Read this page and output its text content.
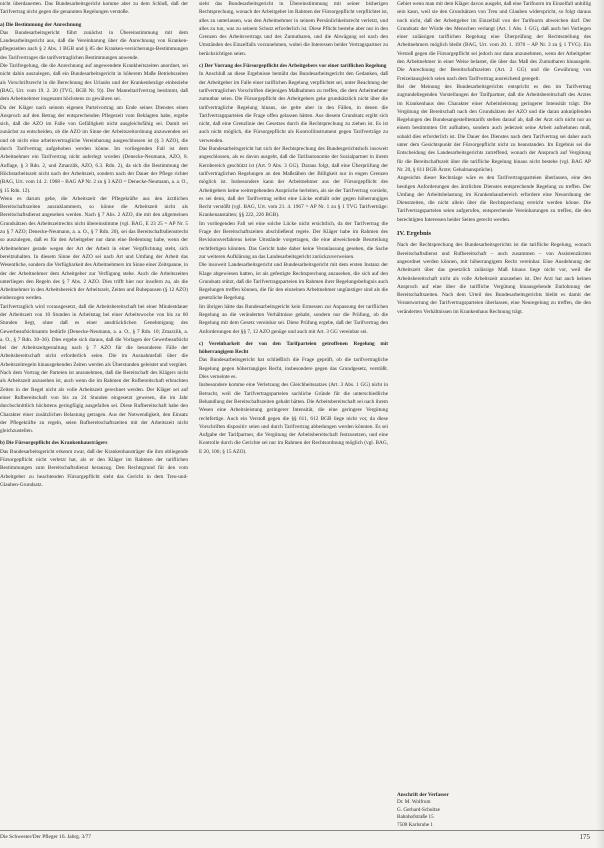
nicht überdauerten. Das Bundesarbeitsgericht komme aber zu dem Schluß, daß der Tarifvertrag nicht gegen die genannten Regelungen verstoße.

a) Die Bestimmung der Anrechnung

Das Bundesarbeitsgericht führt zunächst in Übereinstimmung mit dem Landesarbeitsgericht aus, daß die Vereinbarung über die Anrechnung von Kranken-pflegezeiten nach § 2 Abs. 1 BGB und § 85 der Kranken-versicherungs-Bestimmungen des Tarifvertrages die tarifvertraglichen Bestimmungen anwende.

Die Tarifregelung, die die Anrechnung auf angewendete Krankheitszeiten anordnet, sei nicht dahin auszulegen, daß ein Bundesarbeitsgericht in höherem Maße Betriebszeiten als Vorschriftsrecht in die Berechnung des Urlaubs und der Krankenbezüge einbeziehe (BAG, Urt. vom 19. 2. 20 (TVG, BGB Nr. 9)). Der Manteltarifvertrag bestimmt, daß dem Arbeitnehmer insgesamt höchstens zu gewähren sei.

Da der Kläger nach seinem eigenen Parteivortrag am Ende seines Dienstes einen Anspruch auf den Betrag der entsprechenden Pflegezeit vom Beklagten habe, ergebe sich, daß die AZO im Falle von Gefälligkeit nicht ausgleichsfähig sei. Damit sei zunächst zu entscheiden, ob die AZO im Sinne der Arbeitszeitordnung anzuwenden sei und ob nicht eine arbeitsvertragliche Vereinbarung ausgeschlossen ist (§ 3 AZO), die durch Tarifvertrag aufgehoben werden könne. Im vorliegenden Fall ist dem Arbeitnehmer ein Tarifvertrag nicht auferlegt worden (Denecke-Neumann, AZO, 8. Auflage, § 3 Rdn. 2, und Zmarzlik, AZO, 6.3. Rdn. 2), da sich die Bestimmung der Höchstarbeitszeit nicht nach der Arbeitszeit, sondern nach der Dauer der Pflege richtet (BAG, Urt. vom 14. 2. 1968 – BAG AP Nr. 2 zu § 3 AZO = Denecke-Neumann, a. a. O., § 15 Rdn. 12).

Wenn es darum gehe, die Arbeitszeit der Pflegekräfte aus den ärztlichen Bereitschaftszeiten auszuklammern, so könne die Arbeitszeit nicht als Bereitschaftsdienst angesehen werden. Nach § 7 Abs. 2 AZO, die mit den allgemeinen Grundsätzen des Arbeitszeitrechts nicht übereinstimme (vgl. BAG, E 23 25 = AP Nr. 5 zu § 7 AZO; Denecke-Neumann, a. a. O., § 7 Rdn. 20), sei das Bereitschaftsdienstrecht so auszulegen, daß es für den Arbeitgeber nur dann eine Bedeutung habe, wenn der Arbeitnehmer gerade wegen der Art der Arbeit in einer Verpflichtung steht, sich bereitzuhalten. In diesem Sinne der AZO sei nach Art und Umfang der Arbeit das Wesentliche, sondern die Verfügbarkeit des Arbeitnehmers im Sinne einer Zeitspanne, in der der Arbeitnehmer dem Arbeitgeber zur Verfügung stehe. Auch die Arbeitszeiten unterliegen den Regeln des § 7 Abs. 2 AZO. Dies trifft hier nur insofern zu, als die Arbeitnehmer in den Arbeitsbereich der Arbeitszeit, Zeiten und Ruhepausen (§ 12 AZO) einbezogen werden.

Tarifvertraglich wird vorausgesetzt, daß die Arbeitsbereitschaft bei einer Mindestdauer der Arbeitszeit von 10 Stunden in Arbeitstag bei einer Arbeitswoche von bis zu 60 Stunden liegt, ohne daß es einer ausdrücklichen Genehmigung des Gewerbeaufsichtsamts bedürfe (Denecke-Neumann, a. a. O., § 7 Rdn. 10; Zmarzlik, a. a. O., § 7 Rdn. 30–36). Dies ergebe sich daraus, daß die Vorlagen der Gewerbeaufsicht bei der Arbeitszeitgestaltung nach § 7 AZO für die besonderen Fälle der Arbeitsbereitschaft nicht erforderlich seien. Die im Ausnahmefall über die Arbeitszeitregeln hinausgehenden Zeiten werden als Überstunden geleistet und vergütet.

Nach dem Vortrag der Parteien ist anzunehmen, daß die Bereitschaft des Klägers nicht als Arbeitszeit anzusehen ist, auch wenn die im Rahmen der Rufbereitschaft erbrachten Zeiten in der Regel nicht als volle Arbeitszeit gerechnet werden. Der Kläger sei auf einer Rufbereitschaft von bis zu 24 Stunden eingesetzt gewesen, die im Jahr durchschnittlich höchstens geringfügig ausgefallen sei. Diese Rufbereitschaft habe den Charakter einer zusätzlichen Belastung getragen. Aus der Notwendigkeit, den Einsatz der Pflegekräfte zu regeln, seien Rufbereitschaftszeiten mit der Arbeitszeit nicht gleichzustellen.

b) Die Fürsorgepflicht des Krankenhausträgers

Das Bundesarbeitsgericht erkennt zwar, daß der Krankenhausträger die ihm obliegende Fürsorgepflicht nicht verletzt hat, als er den Kläger im Rahmen der tariflichen Bestimmungen zum Bereitschaftsdienst heranzog. Den Rechtsgrund für den vom Arbeitgeber zu beachtenden Fürsorgepflicht sieht das Gericht in dem Treu-und-Glauben-Grundsatz.

sieht das Bundesarbeitsgericht in Übereinstimmung mit seiner bisherigen Rechtsprechung, wonach der Arbeitgeber im Rahmen der Fürsorgepflicht verpflichtet ist, alles zu unterlassen, was den Arbeitnehmer in seinem Persönlichkeitsrecht verletzt, und alles zu tun, was zu seinem Schutz erforderlich ist. Diese Pflicht bestehe aber nur in den Grenzen des Arbeitsvertrags und des Zumutbaren, und die Abwägung sei nach den Umständen des Einzelfalls vorzunehmen, wobei die Interessen beider Vertragspartner zu berücksichtigen seien.

c) Der Vorrang des Fürsorgepflicht des Arbeitgebers vor einer tariflichen Regelung

In Anschluß an diese Ergebnisse bemüht das Bundesarbeitsgericht den Gedanken, daß der Arbeitgeber im Falle einer tariflichen Regelung verpflichtet sei, unter Beachtung der tarifvertraglichen Vorschriften diejenigen Maßnahmen zu treffen, die dem Arbeitnehmer zumutbar seien. Die Fürsorgepflicht des Arbeitgebers gehe grundsätzlich nicht über die tarifvertragliche Regelung hinaus, sie gelte aber in den Fällen, in denen die Tarifvertragsparteien die Frage offen gelassen hätten. Aus diesem Grundsatz ergibt sich nicht, daß eine Grenzlinie des Gesetzes durch die Rechtsprechung zu ziehen ist. Es ist auch nicht möglich, die Fürsorgepflicht als Kontrollinstrument gegen Tarifverträge zu verwenden.

Das Bundesarbeitsgericht hat sich der Rechtsprechung des Bundesgerichtshofs insoweit angeschlossen, als es davon ausgeht, daß die Tarifautonomie der Sozialpartner in ihrem Kernbereich geschützt ist (Art. 9 Abs. 3 GG). Daraus folgt, daß eine Überprüfung der tarifvertraglichen Regelungen an den Maßstäben der Billigkeit nur in engen Grenzen möglich ist. Insbesondere kann der Arbeitnehmer aus der Fürsorgepflicht des Arbeitgebers keine weitergehenden Ansprüche herleiten, als sie der Tarifvertrag vorsieht, es sei denn, daß der Tarifvertrag selbst eine Lücke enthält oder gegen höherrangiges Recht verstößt (vgl. BAG, Urt. vom 21. 4. 1967 = AP Nr. 1 zu § 1 TVG Tarifverträge: Krankenanstalten; §§ 222, 226 BGB).

Im vorliegenden Fall sei eine solche Lücke nicht ersichtlich, da der Tarifvertrag die Frage der Bereitschaftszeiten abschließend regele. Der Kläger habe im Rahmen des Revisionsverfahrens keine Umstände vorgetragen, die eine abweichende Beurteilung rechtfertigen könnten. Das Gericht habe daher keine Veranlassung gesehen, die Sache zur weiteren Aufklärung an das Landesarbeitsgericht zurückzuverweisen.

Die insoweit Landesarbeitsgericht und Bundesarbeitsgericht mit dem ersten Instanz der Klage abgewiesen hatten, ist als gefestigte Rechtsprechung anzusehen, die sich auf den Grundsatz stützt, daß die Tarifvertragsparteien im Rahmen ihrer Regelungsbefugnis auch Regelungen treffen können, die für den einzelnen Arbeitnehmer ungünstiger sind als die gesetzliche Regelung.

Im übrigen hätte das Bundesarbeitsgericht kein Ermessen zur Anpassung der tariflichen Regelung an die veränderten Verhältnisse gehabt, sondern nur die Prüfung, ob die Regelung mit dem Gesetz vereinbar sei. Diese Prüfung ergebe, daß der Tarifvertrag den Anforderungen der §§ 7, 12 AZO genüge und auch mit Art. 3 GG vereinbar sei.

c) Vereinbarkeit der von den Tarifparteien getroffenen Regelung mit höherrangigem Recht

Das Bundesarbeitsgericht hat schließlich die Frage geprüft, ob die tarifvertragliche Regelung gegen höherrangiges Recht, insbesondere gegen das Grundgesetz, verstößt. Dies verneinte es.

Insbesondere komme eine Verletzung des Gleichheitssatzes (Art. 3 Abs. 1 GG) nicht in Betracht, weil die Tarifvertragsparteien sachliche Gründe für die unterschiedliche Behandlung der Bereitschaftszeiten gehabt hätten. Die Arbeitsbereitschaft sei nach ihrem Wesen eine Arbeitsleistung geringerer Intensität, die eine geringere Vergütung rechtfertige. Auch ein Verstoß gegen die §§ 611, 612 BGB liege nicht vor, da diese Vorschriften dispositiv seien und durch Tarifvertrag abbedungen werden könnten. Es sei Aufgabe der Tarifpartner, die Vergütung der Arbeitsbereitschaft festzusetzen, und eine Kontrolle durch die Gerichte sei nur im Rahmen der Rechtsordnung möglich (vgl. BAG, E 20, 106; § 15 AZO).

Gebiet wenn man mit dem Kläger davon ausgeht, daß eine Tarifnorm im Einzelfall unbillig sein kann, weil sie den Grundsätzen von Treu und Glauben widerspricht, so folgt daraus noch nicht, daß der Arbeitgeber im Einzelfall von der Tarifnorm abweichen darf. Der Grundsatz der Würde des Menschen verlangt (Art. 1 Abs. 1 GG), daß auch bei Vorliegen einer zulässigen tariflichen Regelung eine Überprüfung der Rechtsstellung des Arbeitnehmers möglich bleibt (BAG, Urt. vom 20. 1. 1970 – AP Nr. 3 zu § 1 TVG). Ein Verstoß gegen die Fürsorgepflicht sei jedoch nur dann anzunehmen, wenn der Arbeitgeber den Arbeitnehmer in einer Weise belastet, die über das Maß des Zumutbaren hinausgeht. Die Anrechnung der Bereitschaftszeiten (Art. 2 GG) und die Gewährung von Freizeitausgleich seien nach dem Tarifvertrag ausreichend geregelt.

Bei der Meinung des Bundesarbeitsgerichts entspricht es den im Tarifvertrag zugrundeliegenden Vorstellungen der Tarifpartner, daß die Arbeitsbereitschaft des Arztes im Krankenhaus den Charakter einer Arbeitsleistung geringerer Intensität trägt. Die Vergütung der Bereitschaft nach den Grundsätzen der AZO und die daran anknüpfenden Regelungen des Bundesangestelltentarifs stellen darauf ab, daß der Arzt sich nicht nur an einem bestimmten Ort aufhalten, sondern auch jederzeit seine Arbeit aufnehmen muß, sobald dies erforderlich ist. Die Dauer des Dienstes nach dem Tarifvertrag sei daher auch unter dem Gesichtspunkt der Fürsorgepflicht nicht zu beanstanden. Im Ergebnis sei die Entscheidung des Landesarbeitsgerichts zutreffend, wonach der Anspruch auf Vergütung für die Bereitschaftszeit über die tarifliche Regelung hinaus nicht bestehe (vgl. BAG AP Nr. 20, § 611 BGB Ärzte; Gehaltsansprüche).

Angesichts dieser Rechtslage wäre es den Tarifvertragsparteien überlassen, eine den heutigen Anforderungen des ärztlichen Dienstes entsprechende Regelung zu treffen. Der Umfang der Arbeitsbelastung im Krankenhausbereich erfordere eine Neuordnung der Dienstzeiten, die nicht allein über die Rechtsprechung erreicht werden könne. Die Tarifvertragsparteien seien aufgerufen, entsprechende Vereinbarungen zu treffen, die den berechtigten Interessen beider Seiten gerecht werden.

IV. Ergebnis

Nach der Rechtsprechung des Bundesarbeitsgerichts ist die tarifliche Regelung, wonach Bereitschaftsdienst und Rufbereitschaft – auch zusammen – von Assistenzärzten angeordnet werden können, mit höherrangigem Recht vereinbar. Eine Ausdehnung der Arbeitszeit über das gesetzlich zulässige Maß hinaus liege nicht vor, weil die Arbeitsbereitschaft nicht als volle Arbeitszeit anzusehen ist. Der Arzt hat auch keinen Anspruch auf eine über die tarifliche Vergütung hinausgehende Entlohnung der Bereitschaftszeiten. Nach dem Urteil des Bundesarbeitsgerichts bleibt es damit der Verantwortung der Tarifvertragsparteien überlassen, eine Neuregelung zu treffen, die den veränderten Verhältnissen im Krankenhaus Rechnung trägt.

Anschrift der Verfasser
Dr. M. Wolfrum
G. Gerhard-Schultze
Bahnhofstraße 15
7500 Karlsruhe 1
Die Schwester/Der Pfleger 16. Jahrg. 3/77	175
